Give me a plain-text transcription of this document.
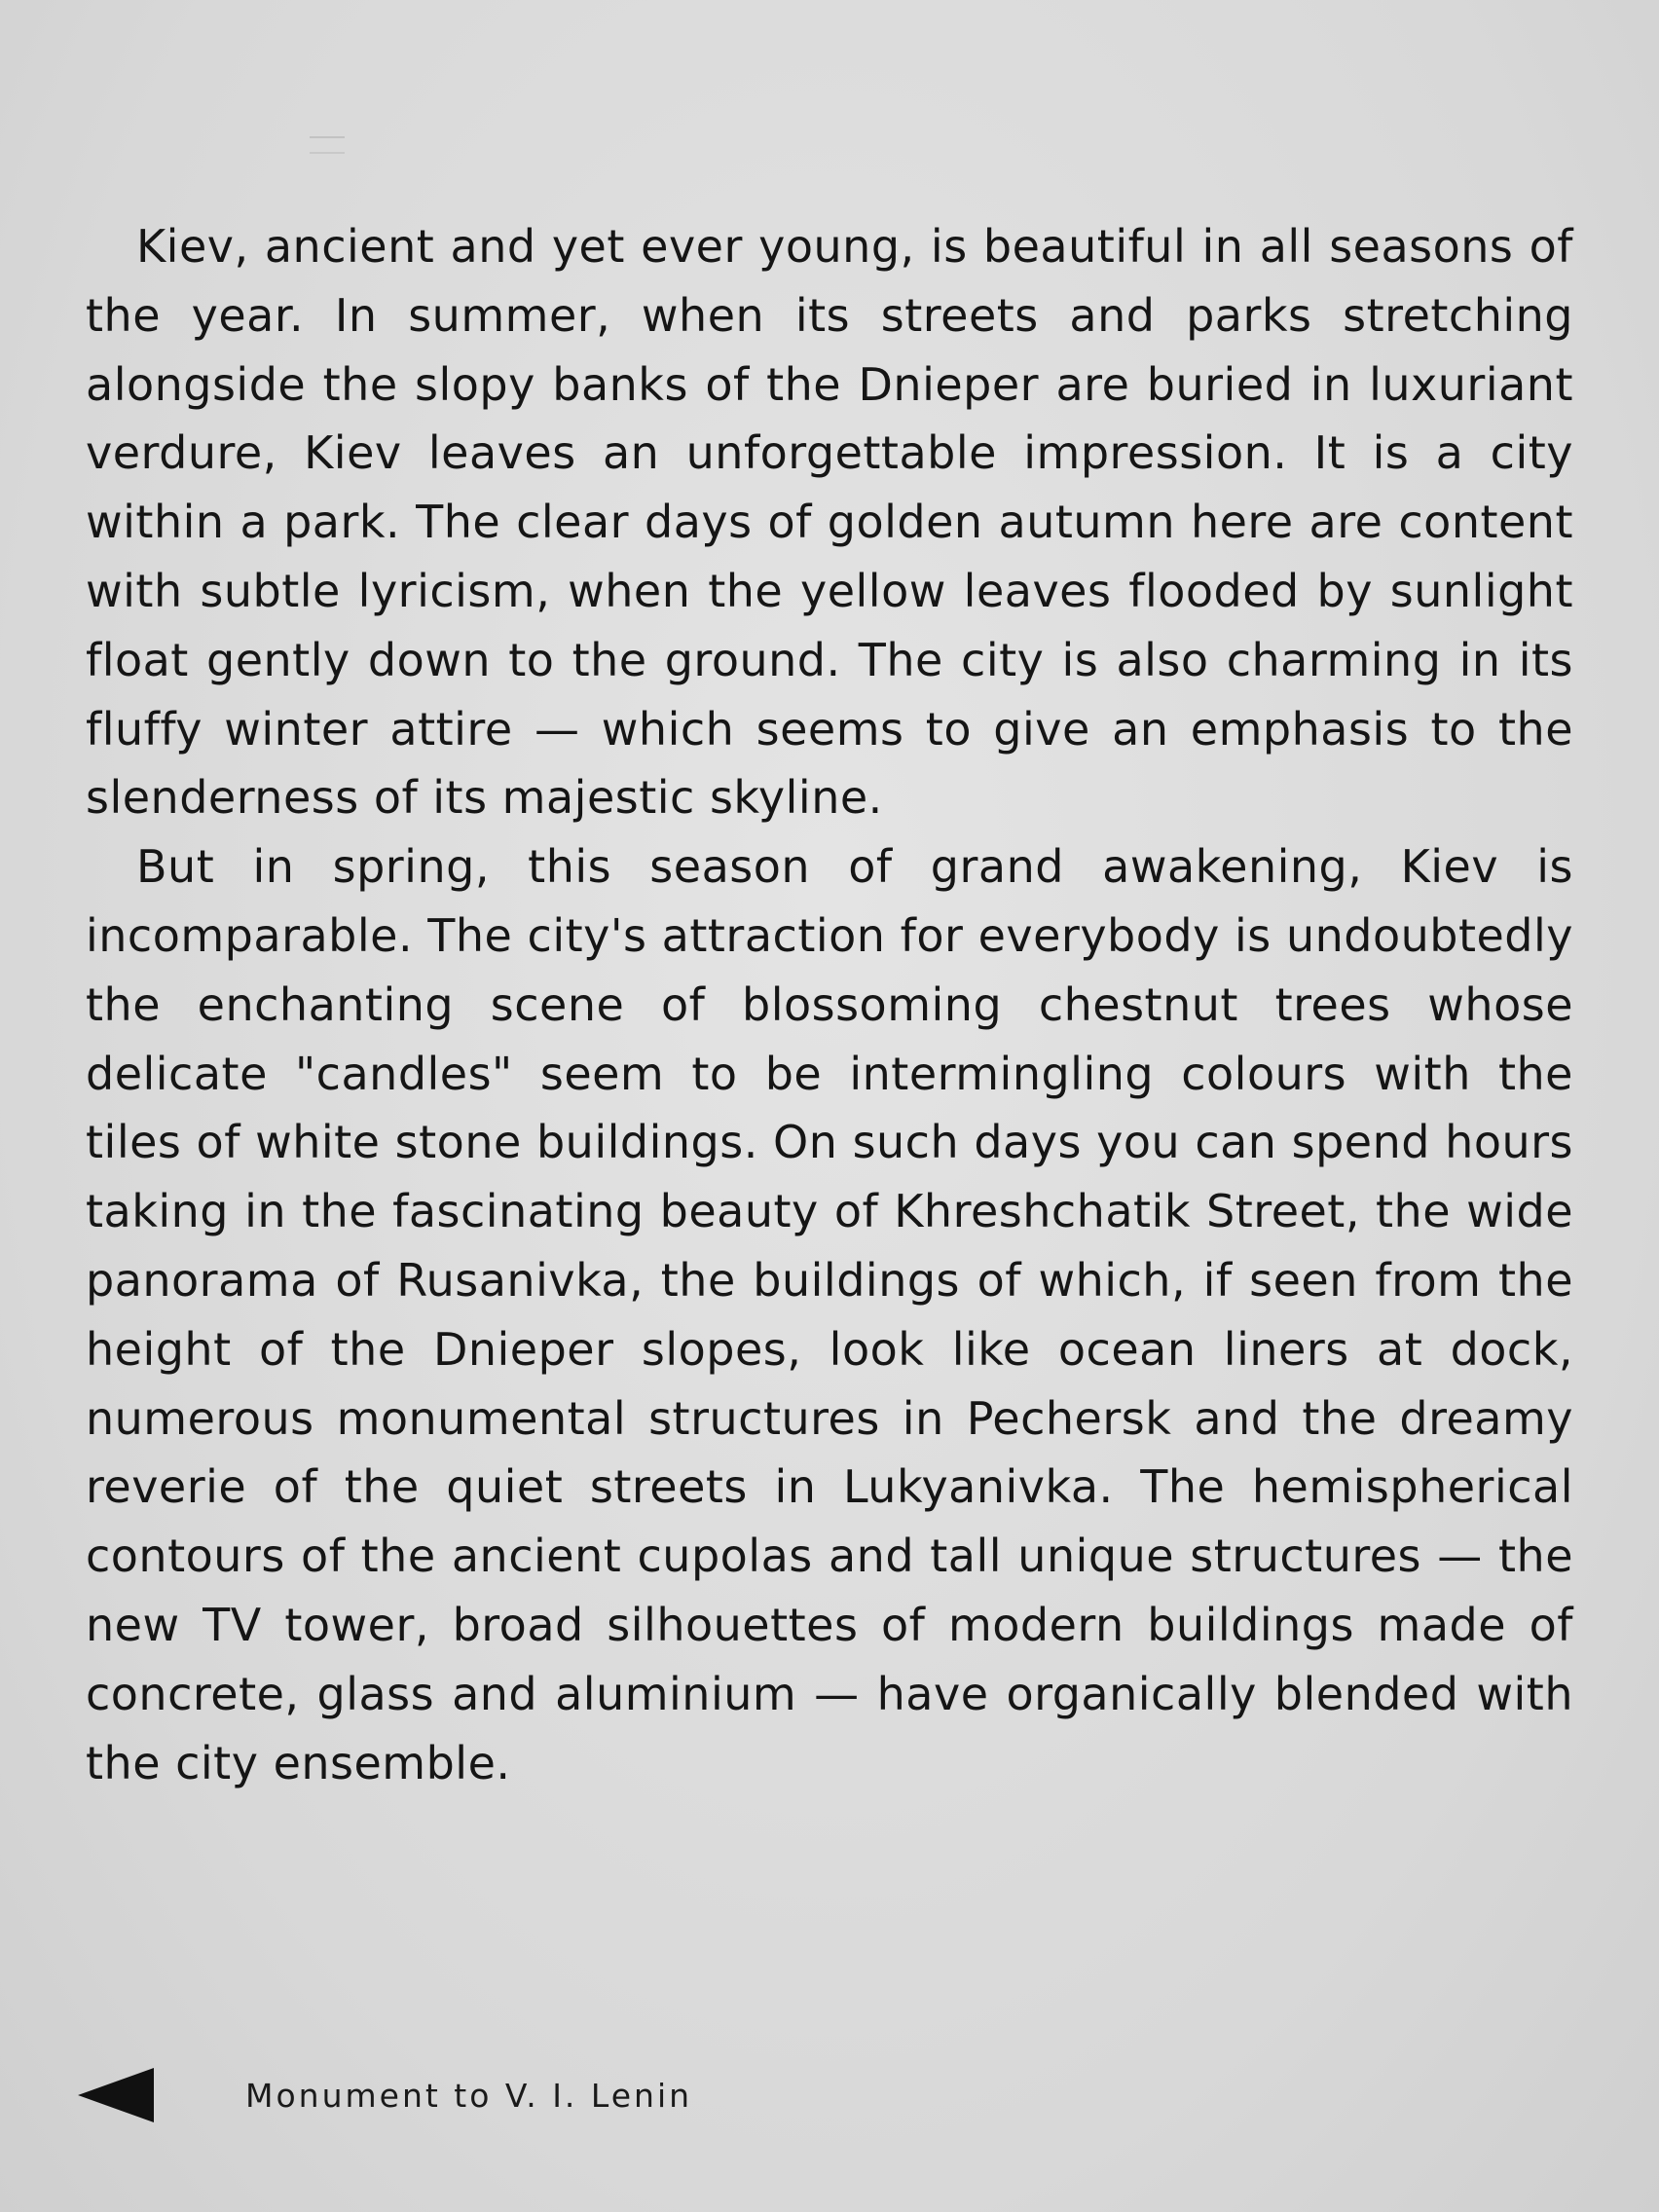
Kiev, ancient and yet ever young, is beautiful in all seasons of the year. In summer, when its streets and parks stretching alongside the slopy banks of the Dnieper are buried in luxuriant verdure, Kiev leaves an unforgettable impression. It is a city within a park. The clear days of golden autumn here are content with subtle lyricism, when the yellow leaves flooded by sunlight float gently down to the ground. The city is also charming in its fluffy winter attire — which seems to give an emphasis to the slenderness of its majestic skyline.

But in spring, this season of grand awakening, Kiev is incomparable. The city's attraction for everybody is undoubtedly the enchanting scene of blossoming chestnut trees whose delicate "candles" seem to be intermingling colours with the tiles of white stone buildings. On such days you can spend hours taking in the fascinating beauty of Khreshchatik Street, the wide panorama of Rusanivka, the buildings of which, if seen from the height of the Dnieper slopes, look like ocean liners at dock, numerous monumental structures in Pechersk and the dreamy reverie of the quiet streets in Lukyanivka. The hemispherical contours of the ancient cupolas and tall unique structures — the new TV tower, broad silhouettes of modern buildings made of concrete, glass and aluminium — have organically blended with the city ensemble.

Monument to V. I. Lenin
